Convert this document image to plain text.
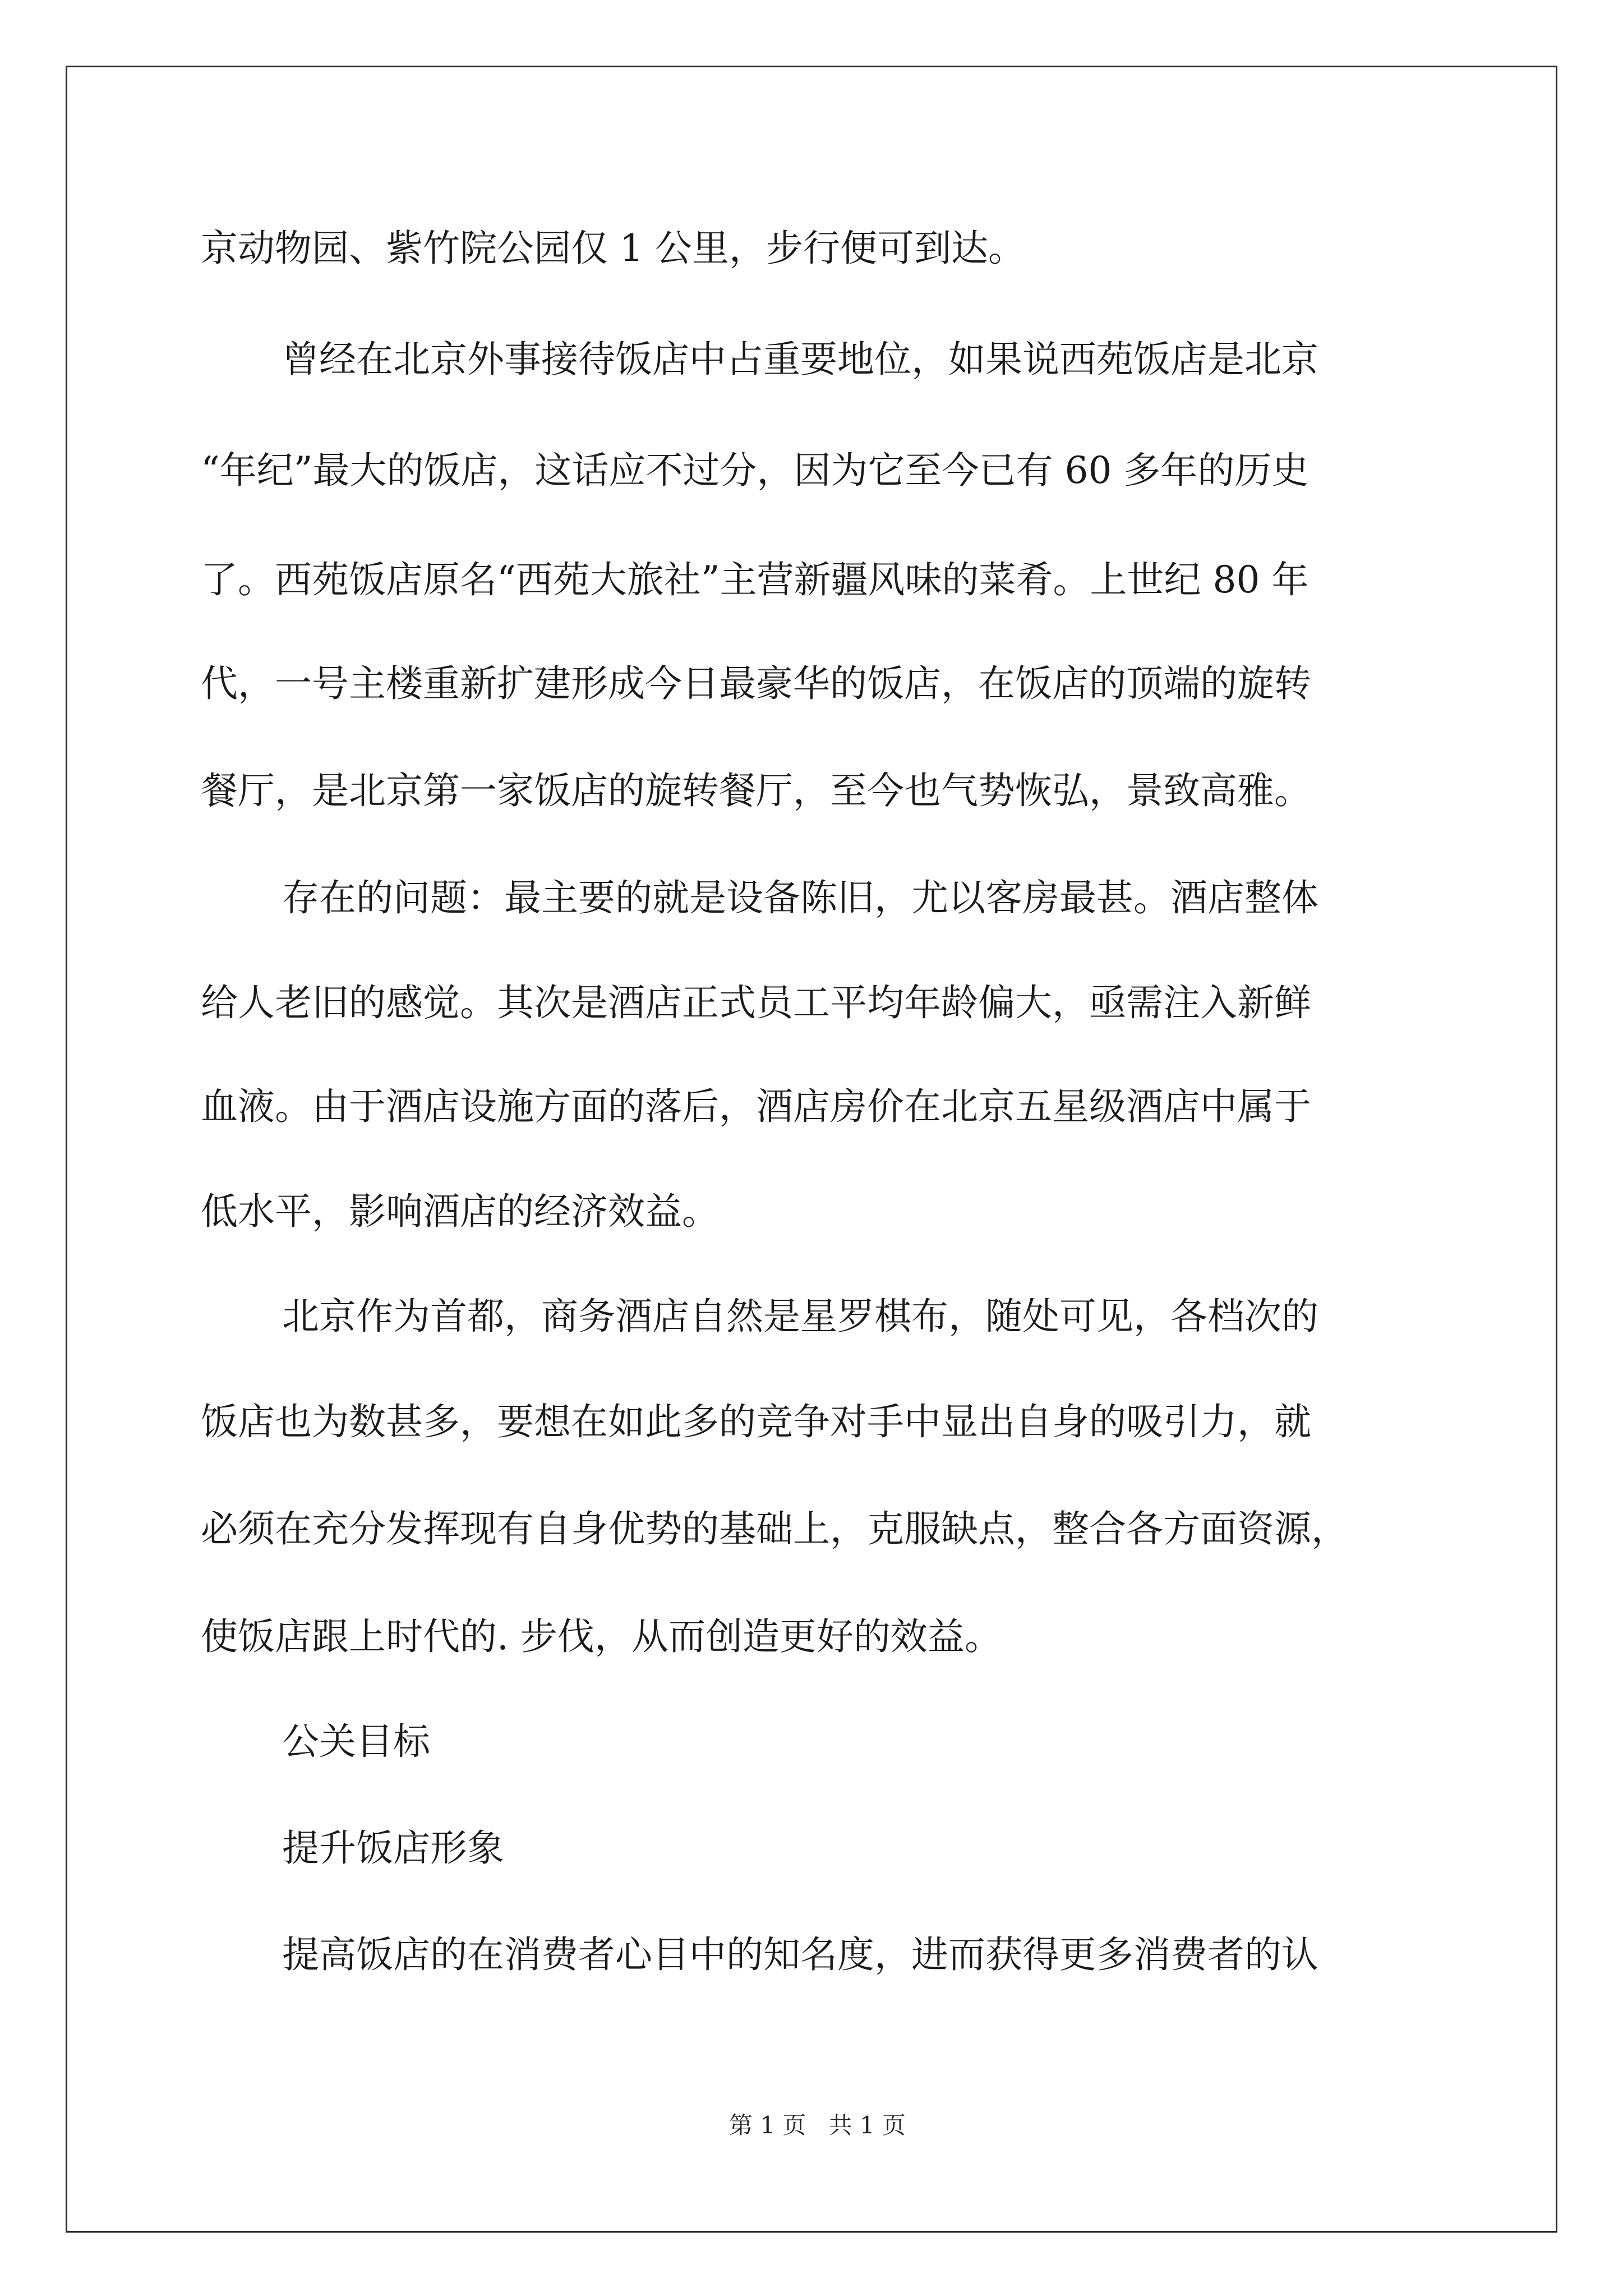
京动物园、紫竹院公园仅 1 公里，步行便可到达。
曾经在北京外事接待饭店中占重要地位，如果说西苑饭店是北京
“年纪”最大的饭店，这话应不过分，因为它至今已有 60 多年的历史
了。西苑饭店原名“西苑大旅社”主营新疆风味的菜肴。上世纪 80 年
代，一号主楼重新扩建形成今日最豪华的饭店，在饭店的顶端的旋转
餐厅，是北京第一家饭店的旋转餐厅，至今也气势恢弘，景致高雅。
存在的问题：最主要的就是设备陈旧，尤以客房最甚。酒店整体
给人老旧的感觉。其次是酒店正式员工平均年龄偏大，亟需注入新鲜
血液。由于酒店设施方面的落后，酒店房价在北京五星级酒店中属于
低水平，影响酒店的经济效益。
北京作为首都，商务酒店自然是星罗棋布，随处可见，各档次的
饭店也为数甚多，要想在如此多的竞争对手中显出自身的吸引力，就
必须在充分发挥现有自身优势的基础上，克服缺点，整合各方面资源，
使饭店跟上时代的. 步伐，从而创造更好的效益。
公关目标
提升饭店形象
提高饭店的在消费者心目中的知名度，进而获得更多消费者的认
第 1 页   共 1 页
